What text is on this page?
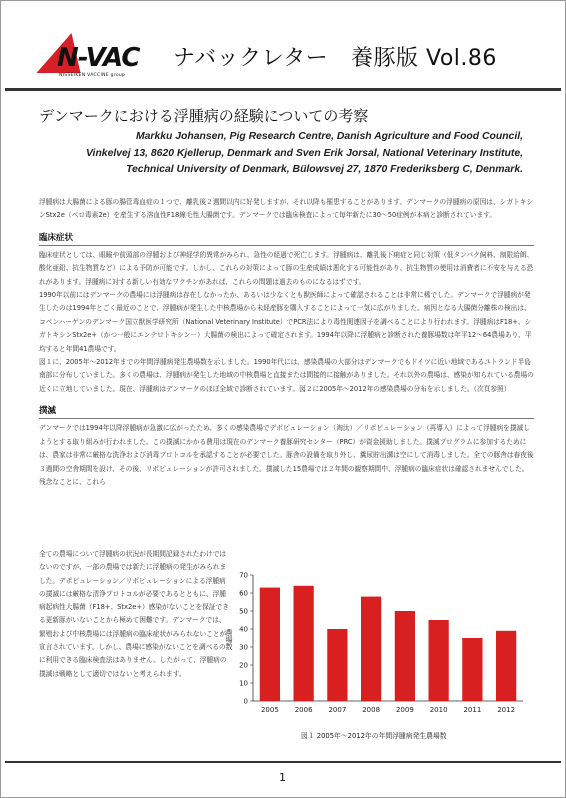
N-VAC
NISSEIKEN VACCINE group
ナバックレター 養豚版 Vol.86
デンマークにおける浮腫病の経験についての考察
Markku Johansen, Pig Research Centre, Danish Agriculture and Food Council,
Vinkelvej 13, 8620 Kjellerup, Denmark and Sven Erik Jorsal, National Veterinary Institute,
Technical University of Denmark, Bülowsvej 27, 1870 Frederiksberg C, Denmark.

浮腫病は大腸菌による豚の腸管毒血症の１つで、離乳後２週間以内に好発しますが、それ以降も罹患することがあります。デンマークの浮腫病の原因は、シガトキシンStx2e（ベロ毒素2e）を産生する溶血性F18線毛性大腸菌です。デンマークでは臨床検査によって毎年新たに30～50症例が本病と診断されています。

臨床症状

臨床症状としては、眼瞼や前頭部の浮腫および神経学的異常がみられ、急性の経過で死亡します。浮腫病は、離乳後下痢症と同じ対策（低タンパク飼料、制限給餌、酸化亜鉛、抗生物質など）による予防が可能です。しかし、これらの対策によって豚の生産成績は悪化する可能性があり、抗生物質の使用は消費者に不安を与える恐れがあります。浮腫病に対する新しい有効なワクチンがあれば、これらの問題は過去のものになるはずです。

1990年以前にはデンマークの農場には浮腫病は存在しなかったか、あるいは少なくとも獣医師によって確認されることは非常に稀でした。デンマークで浮腫病が発生したのは1994年とごく最近のことで、浮腫病が発生した中核農場から未経産豚を購入することによって一気に広がりました。病因となる大腸菌分離株の検出は、コペンハーゲンのデンマーク国立獣医学研究所（National Veterinary Institute）でPCR法により毒性関連因子を調べることにより行われます。浮腫病はF18+、シガトキシンStx2e+（かつ一般にエンテロトキシン－）大腸菌の検出によって確定されます。1994年以降に浮腫病と診断された養豚場数は年平12～64農場あり、平均すると年間41農場です。

図１に、2005年～2012年までの年間浮腫病発生農場数を示しました。1990年代には、感染農場の大部分はデンマークでもドイツに近い地域であるユトランド半島南部に分布していました。多くの農場は、浮腫病が発生した地域の中核農場と直接または間接的に接触がありました。それ以外の農場は、感染が知られている農場の近くに立地していました。現在、浮腫病はデンマークのほぼ全域で診断されています。図２に2005年～2012年の感染農場の分布を示しました。（次頁参照）

撲滅

デンマークでは1994年以降浮腫病が急激に広がったため、多くの感染農場でデポピュレーション（淘汰）／リポピュレーション（再導入）によって浮腫病を撲滅しようとする取り組みが行われました。この撲滅にかかる費用は現在のデンマーク養豚研究センター（PRC）が資金援助しました。撲滅プログラムに参加するためには、農家は非常に厳格な洗浄および消毒プロトコルを承認することが必要でした。豚舎の設備を取り外し、糞尿貯出溝は空にして消毒しました。全ての豚舎は春夜後３週間の空舎期間を設け、その後、リポピュレーションが許可されました。撲滅した15農場では２年間の観察期間中、浮腫病の臨床症状は確認されませんでした。残念なことに、これら

全ての農場について浮腫病の状況が長期間記録されたわけではないのですが、一部の農場では新たに浮腫病の発生がみられました。デポピュレーション／リポピュレーションによる浮腫病の撲滅には厳格な清浄プロトコルが必要であるとともに、浮腫病起病性大腸菌（F18+、Stx2e+）感染がないことを保証できる更新豚がいないことから極めて困難です。デンマークでは、繁殖および中核農場には浮腫病の臨床症状がみられないことが宣言されています。しかし、農場に感染がないことを調べるのに利用できる臨床検査法はありません。したがって、浮腫病の撲滅は戦略として適切ではないと考えられます。
0
10
20
30
40
50
60
70
農場数
2005 2006 2007 2008 2009 2010 2011 2012
図１ 2005年～2012年の年間浮腫病発生農場数
1
